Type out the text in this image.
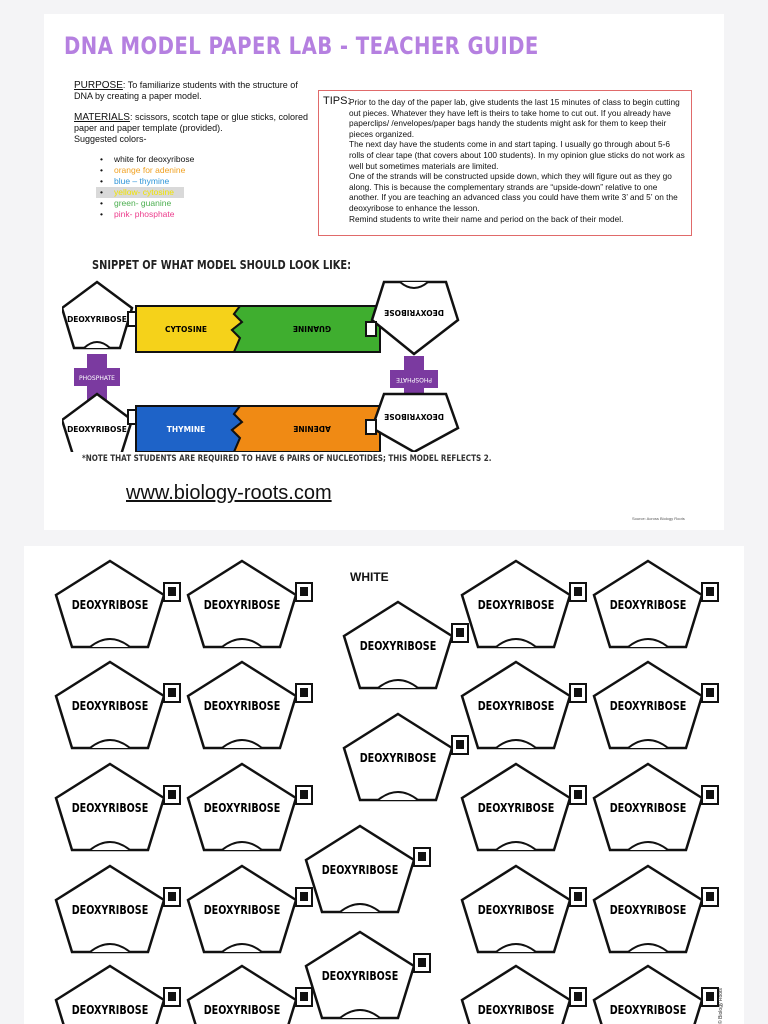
DNA MODEL PAPER LAB - TEACHER GUIDE
PURPOSE: To familiarize students with the structure of DNA by creating a paper model.
MATERIALS: scissors, scotch tape or glue sticks, colored paper and paper template (provided).
Suggested colors-
• white for deoxyribose
• orange for adenine
• blue – thymine
• yellow- cytosine
• green- guanine
• pink- phosphate
TIPS:

Prior to the day of the paper lab, give students the last 15 minutes of class to begin cutting out pieces. Whatever they have left is theirs to take home to cut out. If you already have paperclips/ /envelopes/paper bags handy the students might ask for them to keep their pieces organized.

The next day have the students come in and start taping. I usually go through about 5-6 rolls of clear tape (that covers about 100 students). In my opinion glue sticks do not work as well but sometimes materials are limited.

One of the strands will be constructed upside down, which they will figure out as they go along. This is because the complementary strands are “upside-down” relative to one another. If you are teaching an advanced class you could have them write 3’ and 5’ on the deoxyribose to enhance the lesson.

Remind students to write their name and period on the back of their model.

SNIPPET OF WHAT MODEL SHOULD LOOK LIKE:
DEOXYRIBOSE
PHOSPHATE
DEOXYRIBOSE
CYTOSINE	GUANINE
DEOXYRIBOSE
PHOSPHATE
THYMINE	ADENINE
DEOXYRIBOSE
*NOTE THAT STUDENTS ARE REQUIRED TO HAVE 6 PAIRS OF NUCLEOTIDES; THIS MODEL REFLECTS 2.
www.biology-roots.com
Source: Across Biology Roots
WHITE
DEOXYRIBOSE	DEOXYRIBOSE	DEOXYRIBOSE	DEOXYRIBOSE
DEOXYRIBOSE
DEOXYRIBOSE	DEOXYRIBOSE	DEOXYRIBOSE	DEOXYRIBOSE
DEOXYRIBOSE
DEOXYRIBOSE	DEOXYRIBOSE	DEOXYRIBOSE	DEOXYRIBOSE
DEOXYRIBOSE
DEOXYRIBOSE	DEOXYRIBOSE	DEOXYRIBOSE	DEOXYRIBOSE
DEOXYRIBOSE
DEOXYRIBOSE	DEOXYRIBOSE	DEOXYRIBOSE	DEOXYRIBOSE	© Biology Roots
